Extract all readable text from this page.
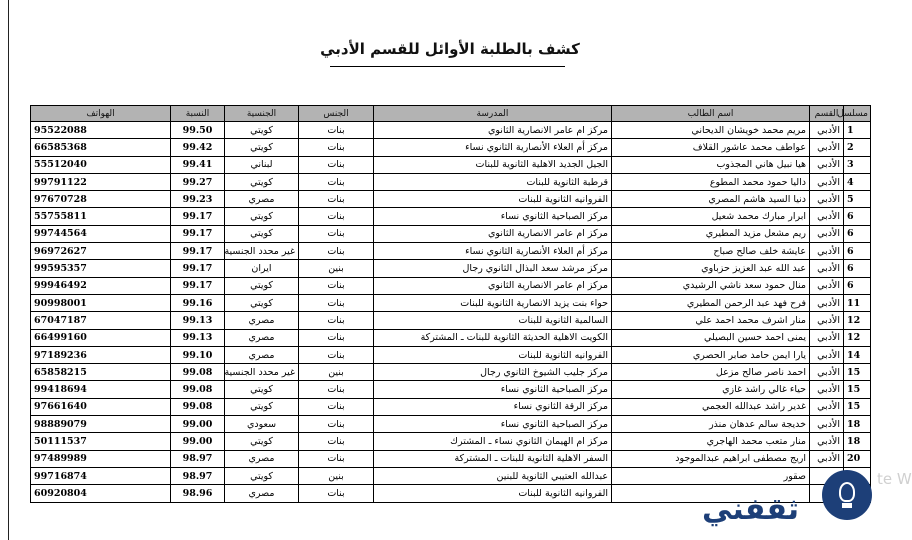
كشف بالطلبة الأوائل للقسم الأدبي
مسلسل	القسم	اسم الطالب	المدرسة	الجنس	الجنسية	النسبة	الهواتف
1	الأدبي	مريم محمد خويشان الديحاني	مركز ام عامر الانصارية الثانوي	بنات	كويتي	99.50	95522088
2	الأدبي	عواطف محمد عاشور القلاف	مركز أم العلاء الأنصارية الثانوي نساء	بنات	كويتي	99.42	66585368
3	الأدبي	هيا نبيل هاني المجذوب	الجيل الجديد الاهلية الثانوية للبنات	بنات	لبناني	99.41	55512040
4	الأدبي	داليا حمود محمد المطوع	قرطبة الثانوية للبنات	بنات	كويتي	99.27	99791122
5	الأدبي	دنيا السيد هاشم المصري	الفروانيه الثانوية للبنات	بنات	مصري	99.23	97670728
6	الأدبي	ابرار مبارك محمد شعيل	مركز الصباحية الثانوي نساء	بنات	كويتي	99.17	55755811
6	الأدبي	ريم مشعل مزيد المطيري	مركز ام عامر الانصارية الثانوي	بنات	كويتي	99.17	99744564
6	الأدبي	عايشة خلف صالح صباح	مركز أم العلاء الأنصارية الثانوي نساء	بنات	غير محدد الجنسية	99.17	96972627
6	الأدبي	عبد الله عبد العزيز حزباوي	مركز مرشد سعد البذال الثانوي رجال	بنين	ايران	99.17	99595357
6	الأدبي	منال حمود سعد ناشي الرشيدي	مركز ام عامر الانصارية الثانوي	بنات	كويتي	99.17	99946492
11	الأدبي	فرح فهد عبد الرحمن المطيري	حواء بنت يزيد الانصارية الثانوية للبنات	بنات	كويتي	99.16	90998001
12	الأدبي	منار اشرف محمد احمد علي	السالمية الثانوية للبنات	بنات	مصري	99.13	67047187
12	الأدبي	يمنى احمد حسين البصيلي	الكويت الاهلية الحديثة الثانوية للبنات ـ المشتركة	بنات	مصري	99.13	66499160
14	الأدبي	يارا ايمن حامد صابر الحصري	الفروانيه الثانوية للبنات	بنات	مصري	99.10	97189236
15	الأدبي	احمد ناصر صالح مزعل	مركز جليب الشيوخ الثانوي رجال	بنين	غير محدد الجنسية	99.08	65858215
15	الأدبي	حياء غالي راشد غازي	مركز الصباحية الثانوي نساء	بنات	كويتي	99.08	99418694
15	الأدبي	غدير راشد عبدالله العجمي	مركز الرقة الثانوي نساء	بنات	كويتي	99.08	97661640
18	الأدبي	خديجة سالم عدهان منذر	مركز الصباحية الثانوي نساء	بنات	سعودي	99.00	98889079
18	الأدبي	منار متعب محمد الهاجري	مركز ام الهيمان الثانوي نساء ـ المشترك	بنات	كويتي	99.00	50111537
20	الأدبي	اريج مصطفى ابراهيم عبدالموجود	السفر الاهلية الثانوية للبنات ـ المشتركة	بنات	مصري	98.97	97489989
		صقور	عبدالله العتيبي الثانوية للبنين	بنين	كويتي	98.97	99716874
			الفروانيه الثانوية للبنات	بنات	مصري	98.96	60920804	ثقفني
te W
